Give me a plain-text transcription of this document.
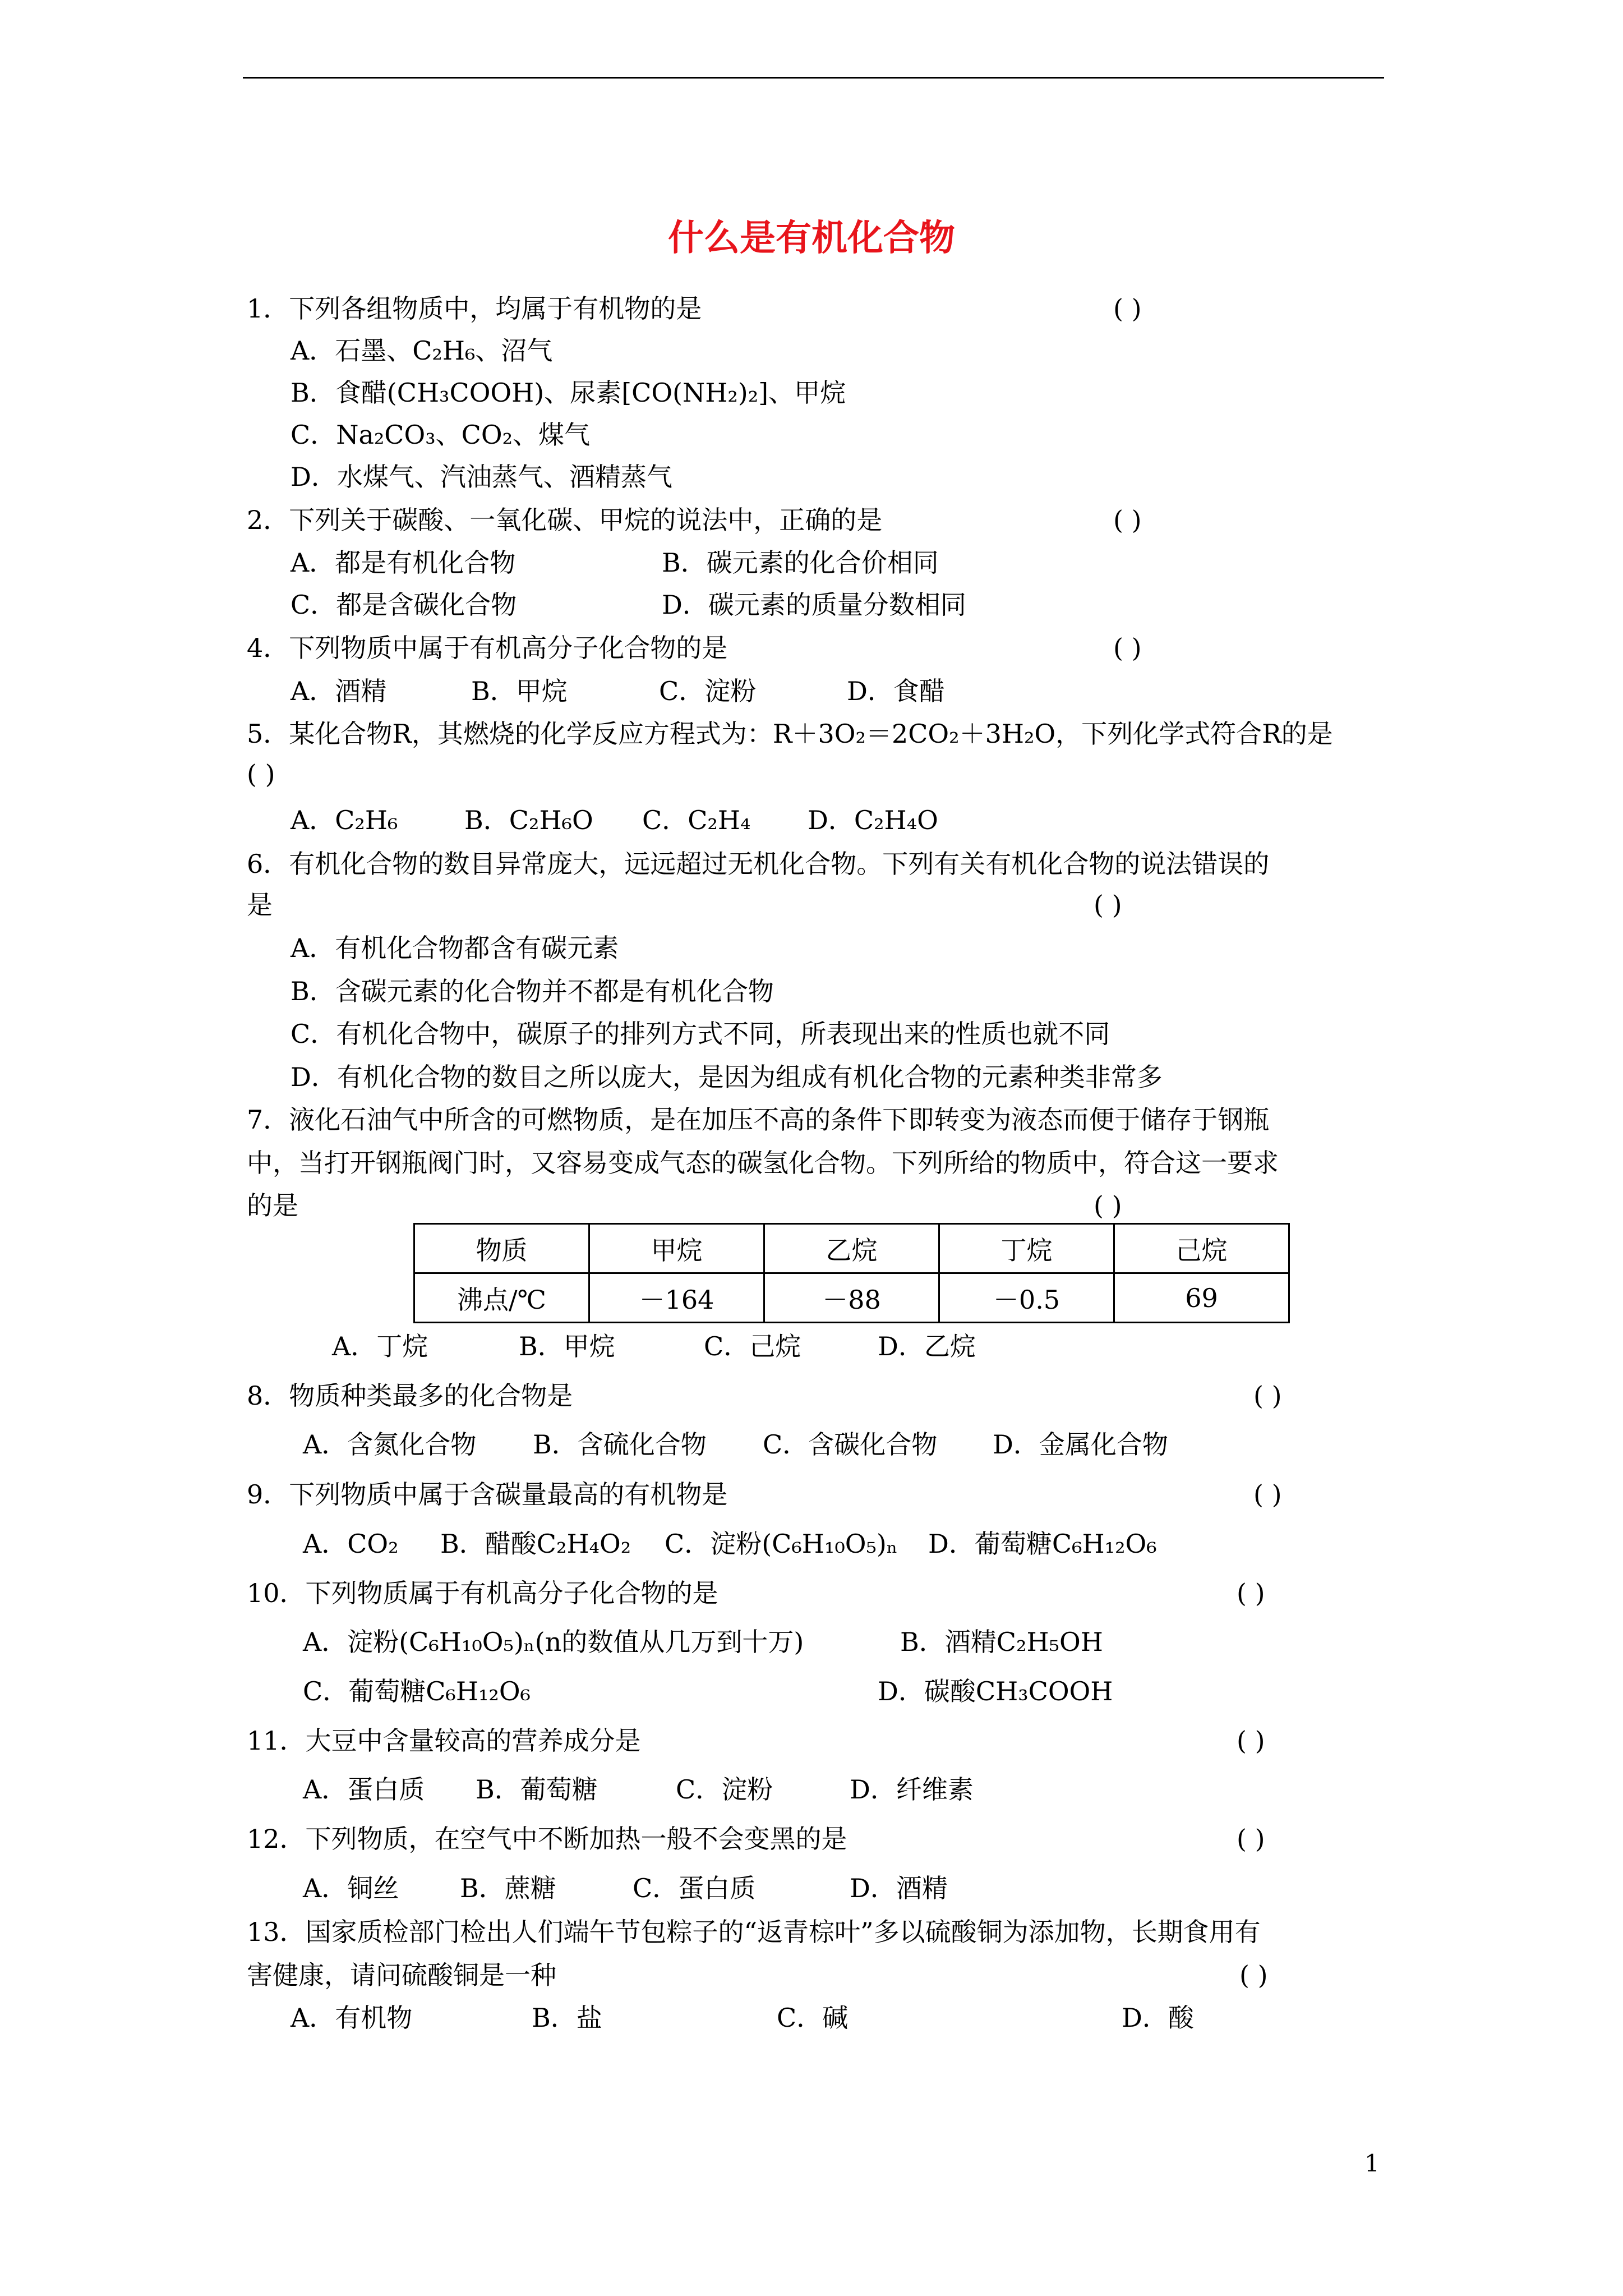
什么是有机化合物
1．下列各组物质中，均属于有机物的是	( )
A．石墨、C₂H₆、沼气
B．食醋(CH₃COOH)、尿素[CO(NH₂)₂]、甲烷
C．Na₂CO₃、CO₂、煤气
D．水煤气、汽油蒸气、酒精蒸气
2．下列关于碳酸、一氧化碳、甲烷的说法中，正确的是	( )
A．都是有机化合物	B．碳元素的化合价相同
C．都是含碳化合物	D．碳元素的质量分数相同
4．下列物质中属于有机高分子化合物的是	( )
A．酒精	B．甲烷	C．淀粉	D．食醋
5．某化合物R，其燃烧的化学反应方程式为：R＋3O₂＝2CO₂＋3H₂O，下列化学式符合R的是
( )
A．C₂H₆	B．C₂H₆O C．C₂H₄ D．C₂H₄O
6．有机化合物的数目异常庞大，远远超过无机化合物。下列有关有机化合物的说法错误的
是	( )
A．有机化合物都含有碳元素
B．含碳元素的化合物并不都是有机化合物
C．有机化合物中，碳原子的排列方式不同，所表现出来的性质也就不同
D．有机化合物的数目之所以庞大，是因为组成有机化合物的元素种类非常多
7．液化石油气中所含的可燃物质，是在加压不高的条件下即转变为液态而便于储存于钢瓶
中，当打开钢瓶阀门时，又容易变成气态的碳氢化合物。下列所给的物质中，符合这一要求
的是	( )
物质	甲烷	乙烷	丁烷	己烷
沸点/℃	－164	－88	－0.5	69
A．丁烷	B．甲烷	C．己烷	D．乙烷
8．物质种类最多的化合物是	( )
A．含氮化合物 B．含硫化合物 C．含碳化合物 D．金属化合物
9．下列物质中属于含碳量最高的有机物是	( )
A．CO₂ B．醋酸C₂H₄O₂ C．淀粉(C₆H₁₀O₅)ₙ D．葡萄糖C₆H₁₂O₆
10．下列物质属于有机高分子化合物的是	( )
A．淀粉(C₆H₁₀O₅)ₙ(n的数值从几万到十万)	B．酒精C₂H₅OH
C．葡萄糖C₆H₁₂O₆	D．碳酸CH₃COOH
11．大豆中含量较高的营养成分是	( )
A．蛋白质 B．葡萄糖	C．淀粉	D．纤维素
12．下列物质，在空气中不断加热一般不会变黑的是	( )
A．铜丝 B．蔗糖	C．蛋白质	D．酒精
13．国家质检部门检出人们端午节包粽子的“返青棕叶”多以硫酸铜为添加物，长期食用有
害健康，请问硫酸铜是一种	( )
A．有机物	B．盐	C．碱	D．酸
1
